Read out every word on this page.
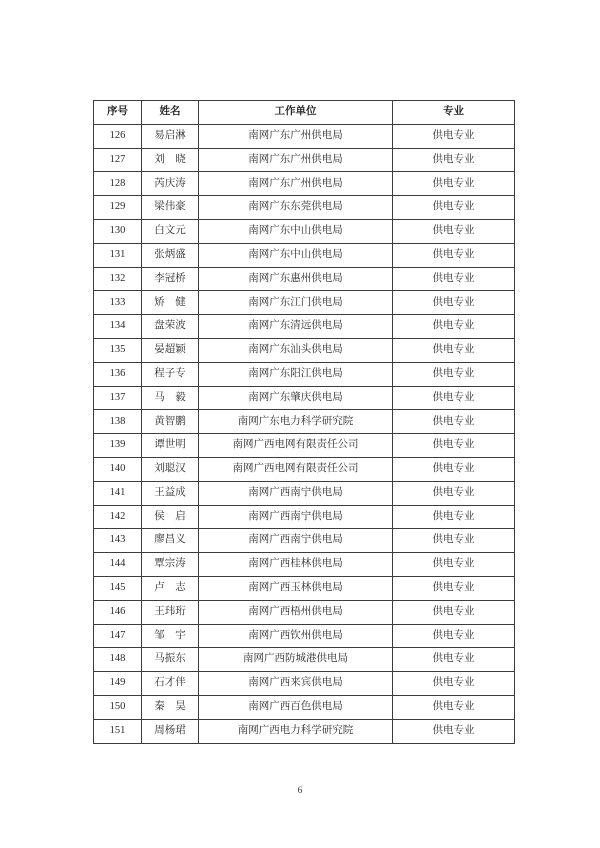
序号	姓名	工作单位	专业
126	易启淋	南网广东广州供电局	供电专业
127	刘　晓	南网广东广州供电局	供电专业
128	芮庆涛	南网广东广州供电局	供电专业
129	梁伟豪	南网广东东莞供电局	供电专业
130	白文元	南网广东中山供电局	供电专业
131	张炳盛	南网广东中山供电局	供电专业
132	李冠桥	南网广东惠州供电局	供电专业
133	矫　健	南网广东江门供电局	供电专业
134	盘荣波	南网广东清远供电局	供电专业
135	晏超颖	南网广东汕头供电局	供电专业
136	程子专	南网广东阳江供电局	供电专业
137	马　毅	南网广东肇庆供电局	供电专业
138	黄智鹏	南网广东电力科学研究院	供电专业
139	谭世明	南网广西电网有限责任公司	供电专业
140	刘聪汉	南网广西电网有限责任公司	供电专业
141	王益成	南网广西南宁供电局	供电专业
142	侯　启	南网广西南宁供电局	供电专业
143	廖昌义	南网广西南宁供电局	供电专业
144	覃宗涛	南网广西桂林供电局	供电专业
145	卢　志	南网广西玉林供电局	供电专业
146	王玮珩	南网广西梧州供电局	供电专业
147	邹　宇	南网广西钦州供电局	供电专业
148	马振东	南网广西防城港供电局	供电专业
149	石才伴	南网广西来宾供电局	供电专业
150	秦　昊	南网广西百色供电局	供电专业
151	周杨珺	南网广西电力科学研究院	供电专业
6
